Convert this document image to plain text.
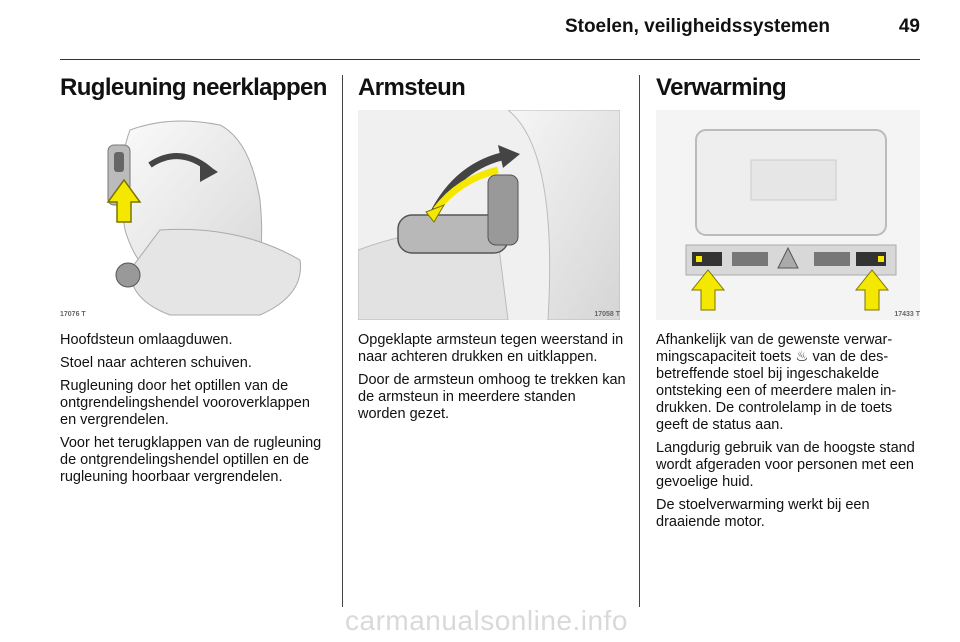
Stoelen, veiligheidssystemen	49
Rugleuning neerklappen
17076 T

Hoofdsteun omlaagduwen.

Stoel naar achteren schuiven.

Rugleuning door het optillen van de ontgrendelingshendel vooroverklappen en vergrendelen.

Voor het terugklappen van de rugleuning de ontgrendelingshendel optillen en de rugleuning hoorbaar vergrendelen.

Armsteun
17058 T

Opgeklapte armsteun tegen weerstand in naar achteren drukken en uitklappen.

Door de armsteun omhoog te trekken kan de armsteun in meerdere standen worden gezet.

Verwarming
17433 T

Afhankelijk van de gewenste verwarmingscapaciteit toets ♨ van de desbetreffende stoel bij ingeschakelde ontsteking een of meerdere malen indrukken. De controlelamp in de toets geeft de status aan.

Langdurig gebruik van de hoogste stand wordt afgeraden voor personen met een gevoelige huid.

De stoelverwarming werkt bij een draaiende motor.

carmanualsonline.info
